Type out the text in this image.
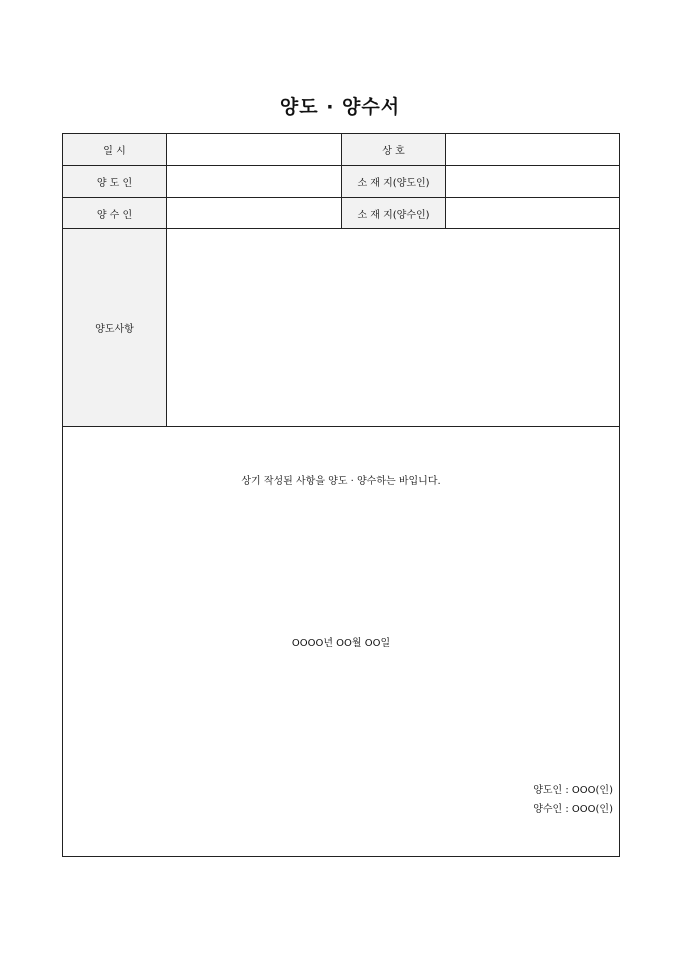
양도 · 양수서
일 시	상 호
양 도 인	소 재 지(양도인)
양 수 인	소 재 지(양수인)
양도사항
상기 작성된 사항을 양도 · 양수하는 바입니다.
OOOO년 OO월 OO일
양도인 : OOO(인)
양수인 : OOO(인)
